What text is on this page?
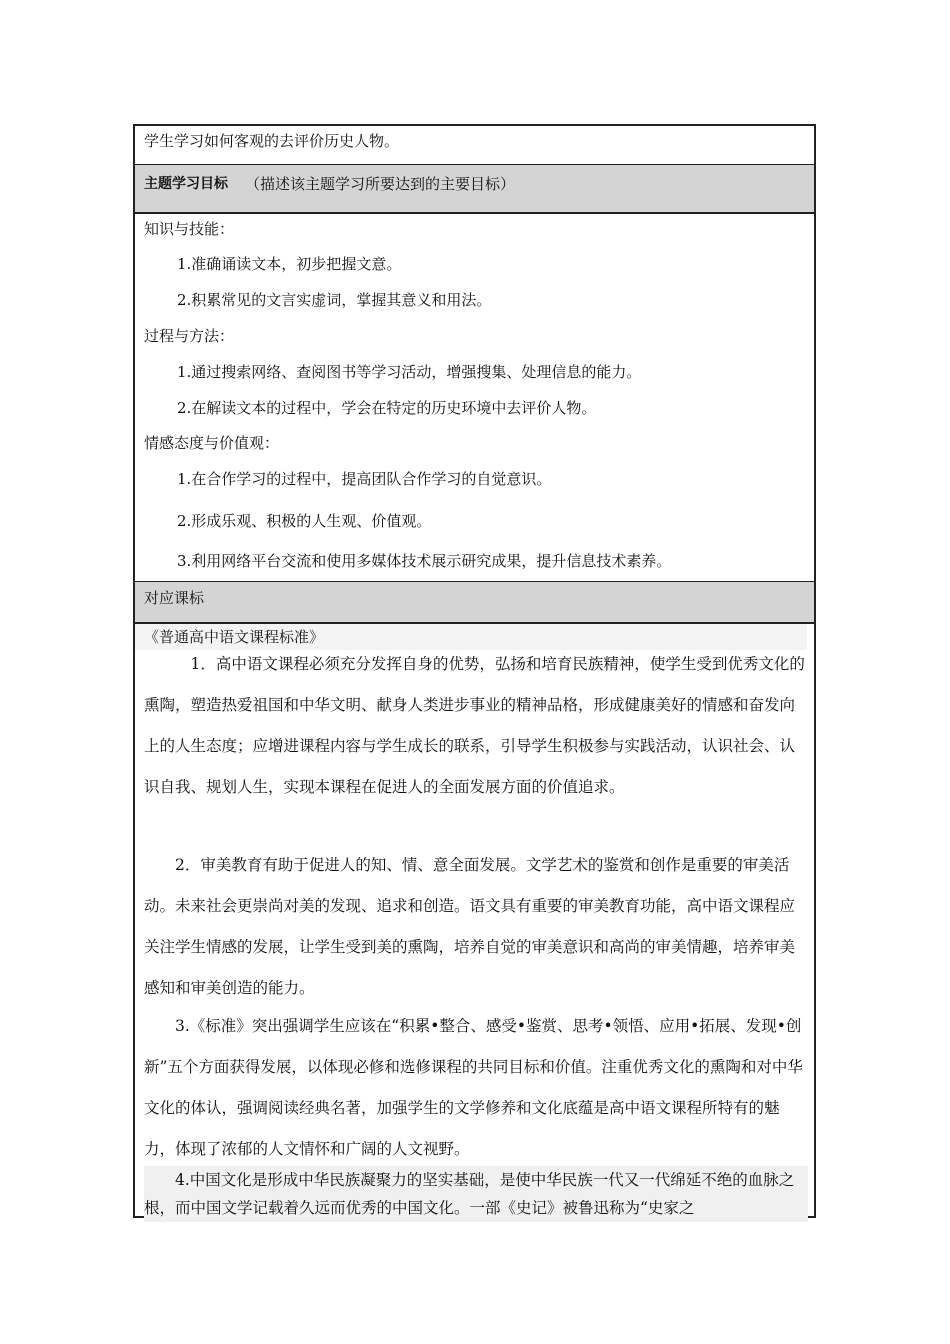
学生学习如何客观的去评价历史人物。
主题学习目标 （描述该主题学习所要达到的主要目标）
知识与技能：
1.准确诵读文本，初步把握文意。
2.积累常见的文言实虚词，掌握其意义和用法。
过程与方法：
1.通过搜索网络、查阅图书等学习活动，增强搜集、处理信息的能力。
2.在解读文本的过程中，学会在特定的历史环境中去评价人物。
情感态度与价值观：
1.在合作学习的过程中，提高团队合作学习的自觉意识。
2.形成乐观、积极的人生观、价值观。
3.利用网络平台交流和使用多媒体技术展示研究成果，提升信息技术素养。
对应课标
《普通高中语文课程标准》
1．高中语文课程必须充分发挥自身的优势，弘扬和培育民族精神，使学生受到优秀文化的熏陶，塑造热爱祖国和中华文明、献身人类进步事业的精神品格，形成健康美好的情感和奋发向上的人生态度；应增进课程内容与学生成长的联系，引导学生积极参与实践活动，认识社会、认识自我、规划人生，实现本课程在促进人的全面发展方面的价值追求。
2．审美教育有助于促进人的知、情、意全面发展。文学艺术的鉴赏和创作是重要的审美活动。未来社会更崇尚对美的发现、追求和创造。语文具有重要的审美教育功能，高中语文课程应关注学生情感的发展，让学生受到美的熏陶，培养自觉的审美意识和高尚的审美情趣，培养审美感知和审美创造的能力。
3.《标准》突出强调学生应该在“积累•整合、感受•鉴赏、思考•领悟、应用•拓展、发现•创新”五个方面获得发展，以体现必修和选修课程的共同目标和价值。注重优秀文化的熏陶和对中华文化的体认，强调阅读经典名著，加强学生的文学修养和文化底蕴是高中语文课程所特有的魅力，体现了浓郁的人文情怀和广阔的人文视野。
4.中国文化是形成中华民族凝聚力的坚实基础，是使中华民族一代又一代绵延不绝的血脉之根，而中国文学记载着久远而优秀的中国文化。一部《史记》被鲁迅称为“史家之
